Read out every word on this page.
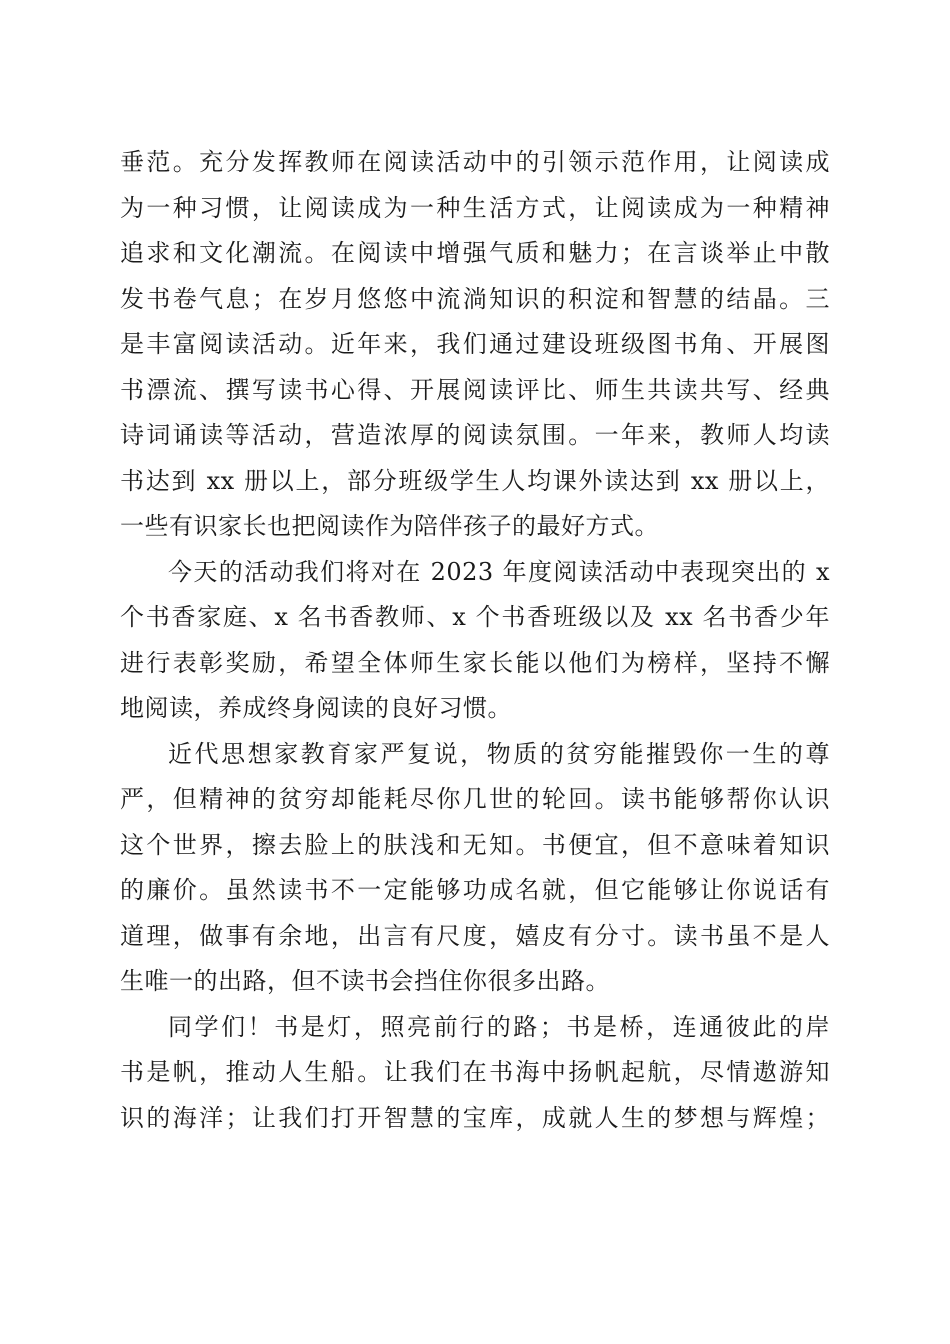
垂范。充分发挥教师在阅读活动中的引领示范作用，让阅读成
为一种习惯，让阅读成为一种生活方式，让阅读成为一种精神
追求和文化潮流。在阅读中增强气质和魅力；在言谈举止中散
发书卷气息；在岁月悠悠中流淌知识的积淀和智慧的结晶。三
是丰富阅读活动。近年来，我们通过建设班级图书角、开展图
书漂流、撰写读书心得、开展阅读评比、师生共读共写、经典
诗词诵读等活动，营造浓厚的阅读氛围。一年来，教师人均读
书达到 xx 册以上，部分班级学生人均课外读达到 xx 册以上，
一些有识家长也把阅读作为陪伴孩子的最好方式。
今天的活动我们将对在 2023 年度阅读活动中表现突出的 x
个书香家庭、x 名书香教师、x 个书香班级以及 xx 名书香少年
进行表彰奖励，希望全体师生家长能以他们为榜样，坚持不懈
地阅读，养成终身阅读的良好习惯。
近代思想家教育家严复说，物质的贫穷能摧毁你一生的尊
严，但精神的贫穷却能耗尽你几世的轮回。读书能够帮你认识
这个世界，擦去脸上的肤浅和无知。书便宜，但不意味着知识
的廉价。虽然读书不一定能够功成名就，但它能够让你说话有
道理，做事有余地，出言有尺度，嬉皮有分寸。读书虽不是人
生唯一的出路，但不读书会挡住你很多出路。
同学们！书是灯，照亮前行的路；书是桥，连通彼此的岸
书是帆，推动人生船。让我们在书海中扬帆起航，尽情遨游知
识的海洋；让我们打开智慧的宝库，成就人生的梦想与辉煌；
